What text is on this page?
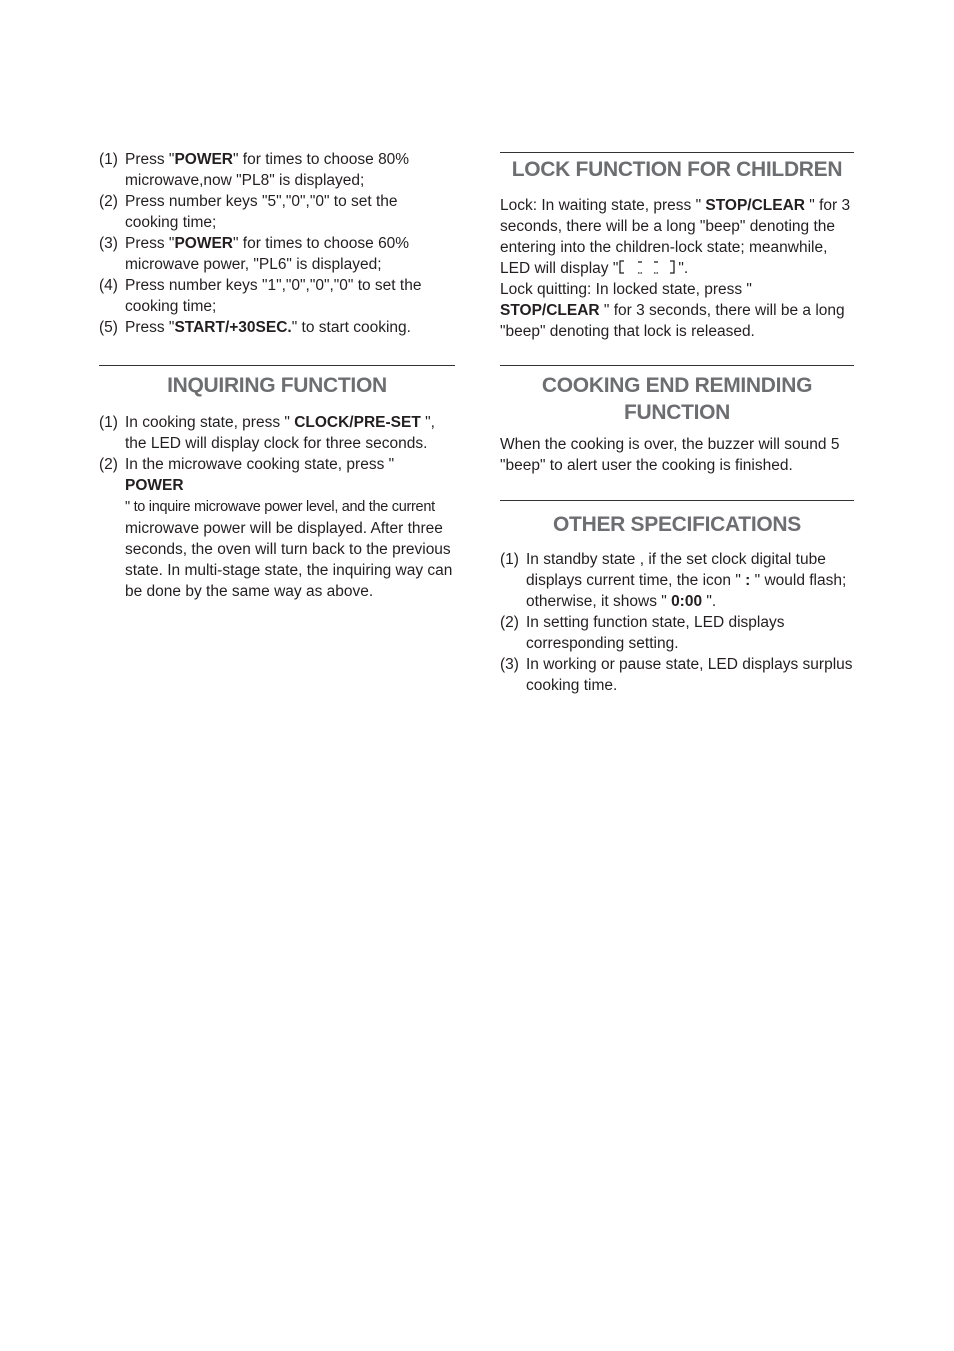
(1) Press "POWER" for times to choose 80% microwave,now "PL8" is displayed;
(2) Press number keys "5","0","0" to set the cooking time;
(3) Press "POWER" for times to choose 60% microwave power, "PL6" is displayed;
(4) Press number keys "1","0","0","0" to set the cooking time;
(5) Press "START/+30SEC." to start cooking.
INQUIRING FUNCTION
(1) In cooking state, press " CLOCK/PRE-SET ", the LED will display clock for three seconds.
(2) In the microwave cooking state, press " POWER
" to inquire microwave power level, and the current
microwave power will be displayed. After three seconds, the oven will turn back to the previous state. In multi-stage state, the inquiring way can be done by the same way as above.
LOCK FUNCTION FOR CHILDREN

Lock: In waiting state, press " STOP/CLEAR " for 3 seconds, there will be a long "beep" denoting the entering into the children-lock state; meanwhile, LED will display "	".

Lock quitting: In locked state, press " STOP/CLEAR " for 3 seconds, there will be a long "beep" denoting that lock is released.

COOKING END REMINDING
FUNCTION

When the cooking is over, the buzzer will sound 5 "beep" to alert user the cooking is finished.

OTHER SPECIFICATIONS
(1) In standby state , if the set clock digital tube displays current time, the icon " : " would flash; otherwise, it shows " 0:00 ".
(2) In setting function state, LED displays corresponding setting.
(3) In working or pause state, LED displays surplus cooking time.
